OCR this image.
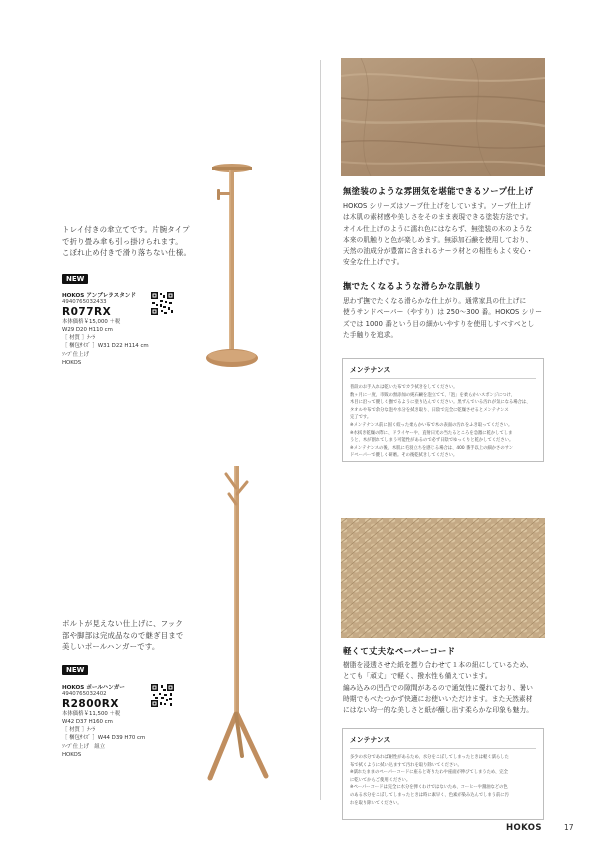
トレイ付きの傘立てです。片腕タイプ
で折り畳み傘も引っ掛けられます。
こぼれ止め付きで滑り落ちない仕様。
NEW
HOKOS アンブレラスタンド
4940765032433
R077RX
本体価格￥15,000 ＋税
W29 D20 H110 cm
［ 材質 ］ﾅｰﾗ
［ 梱包ｻｲｽﾞ ］W31 D22 H114 cm
ｿｰﾌﾟ仕上げ
HOKOS
ボルトが見えない仕上げに、フック
部や脚部は完成品なので継ぎ目まで
美しいポールハンガーです。
NEW
HOKOS ポールハンガー
4940765032402
R2800RX
本体価格￥11,500 ＋税
W42 D37 H160 cm
［ 材質 ］ﾅｰﾗ
［ 梱包ｻｲｽﾞ ］W44 D39 H70 cm
ｿｰﾌﾟ仕上げ　組立
HOKOS
無塗装のような雰囲気を堪能できるソープ仕上げ
HOKOS シリーズはソープ仕上げをしています。ソープ仕上げ
は木肌の素材感や美しさをそのまま表現できる塗装方法です。
オイル仕上げのように濡れ色にはならず、無塗装の木のような
本来の肌触りと色が楽しめます。無添加石鹸を使用しており、
天然の油成分が豊富に含まれるナーラ材との相性もよく安心・
安全な仕上げです。
撫でたくなるような滑らかな肌触り
思わず撫でたくなる滑らかな仕上がり。通常家具の仕上げに
使うサンドペーパー（やすり）は 250～300 番。HOKOS シリー
ズでは 1000 番という目の細かいやすりを使用しすべすべとし
た手触りを追求。
メンテナンス
普段のお手入れは乾いた布でカラ拭きをしてください。
数ヶ月に一度、市販の無添加の純石鹸を泡立てて、「泡」を柔らかいスポンジにつけ、
木目に沿って優しく撫でるように塗り込んでください。黒ずんでいる汚れが気になる場合は、
タオルや布で余分な泡や水分を拭き取り、日陰で完全に乾燥させるとメンテナンス
完了です。
※メンテナンス前に固く絞った柔らかい布で木の表面の汚れをふき取ってください。
※水拭き乾燥の際に、ドライヤーや、直射日光の当たるところを急激に乾かしてしま
うと、木が割れてしまう可能性があるので必ず日陰でゆっくりと乾かしてください。
※メンテナンスの後、木肌に毛羽立ちを感じる場合は、400 番手以上の細かさのサン
ドペーパーで優しく研磨。その後乾拭きしてください。
軽くて丈夫なペーパーコード
樹脂を浸透させた紙を撚り合わせて１本の紐にしているため、
とても「頑丈」で軽く、撥水性も備えています。
編み込みの凹凸での隙間があるので通気性に優れており、暑い
時期でもべたつかず快適にお使いいただけます。また天然素材
にはない均一的な美しさと紙が醸し出す柔らかな印象も魅力。
メンテナンス
多少の水分であれば耐性があるため、水分をこぼしてしまったときは軽く濡らした
布で拭くように拭い込ますて汚れを取り除いてください。
※濡れたままのペーパーコードに座ると寄りたわや座面が伸びてしまうため、完全
に乾いてからご使用ください。
※ペーパーコードは完全に水分を弾くわけではないため、コーヒーや醤油などの色
のある水分をこぼしてしまったときは時に素早く、色素が染み込んでしまう前に汚
れを取り除いてください。
HOKOS	17
